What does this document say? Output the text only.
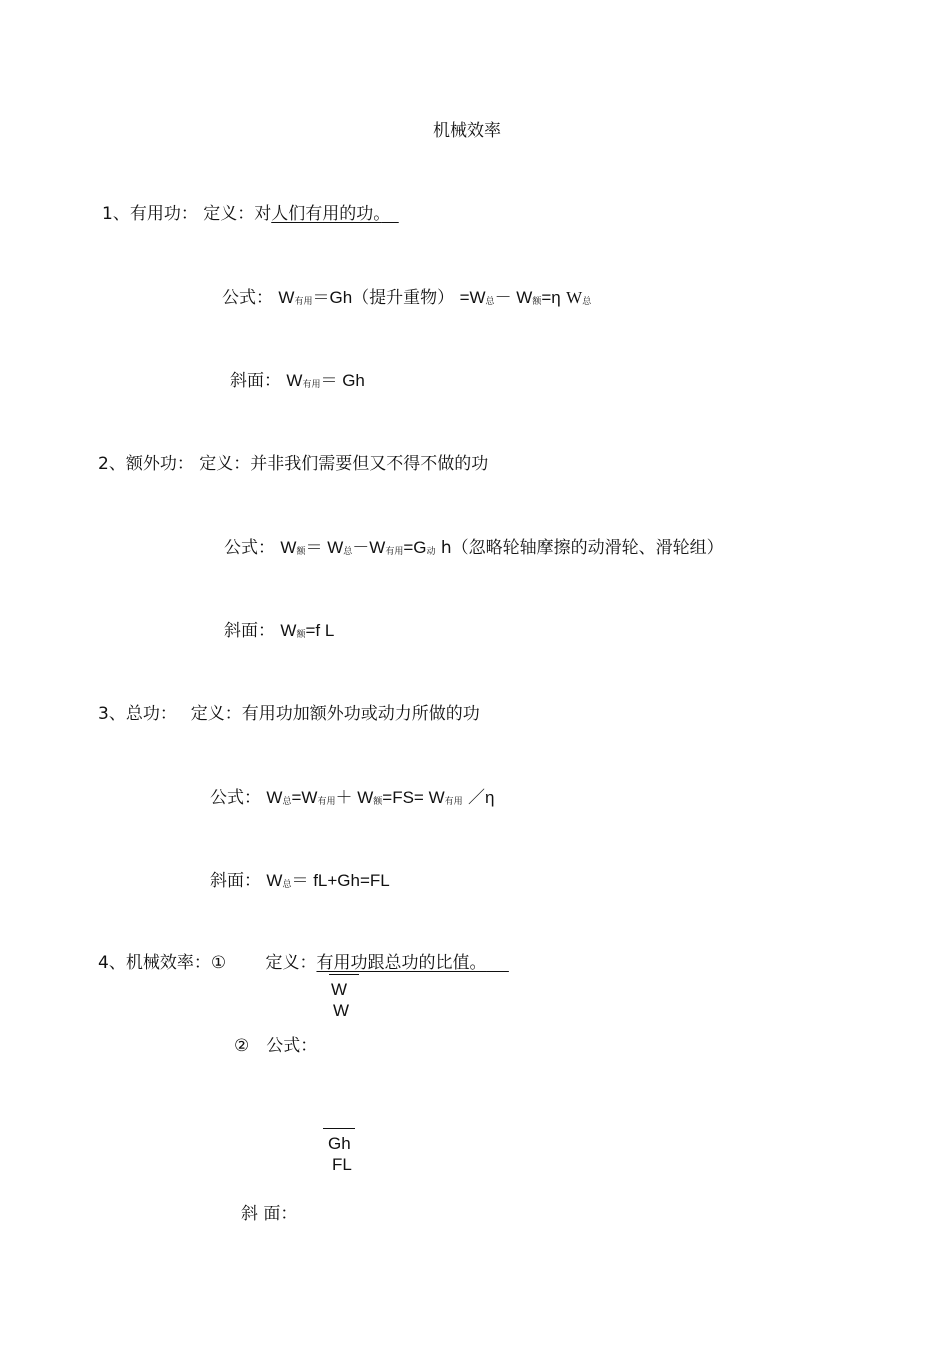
机械效率
1、有用功： 定义：对人们有用的功。　
公式： W有用＝Gh（提升重物） =W总－ W额=η W总
斜面： W有用＝ Gh
2、额外功： 定义：并非我们需要但又不得不做的功
公式： W额＝ W总－W有用=G动 h（忽略轮轴摩擦的动滑轮、滑轮组）
斜面： W额=f L
3、总功：　 定义：有用功加额外功或动力所做的功
公式： W总=W有用＋ W额=FS= W有用 ／η
斜面： W总＝ fL+Gh=FL
4、机械效率：①　　 定义：有用功跟总功的比值。 　
W
W
②　公式：
Gh
FL
斜 面：
